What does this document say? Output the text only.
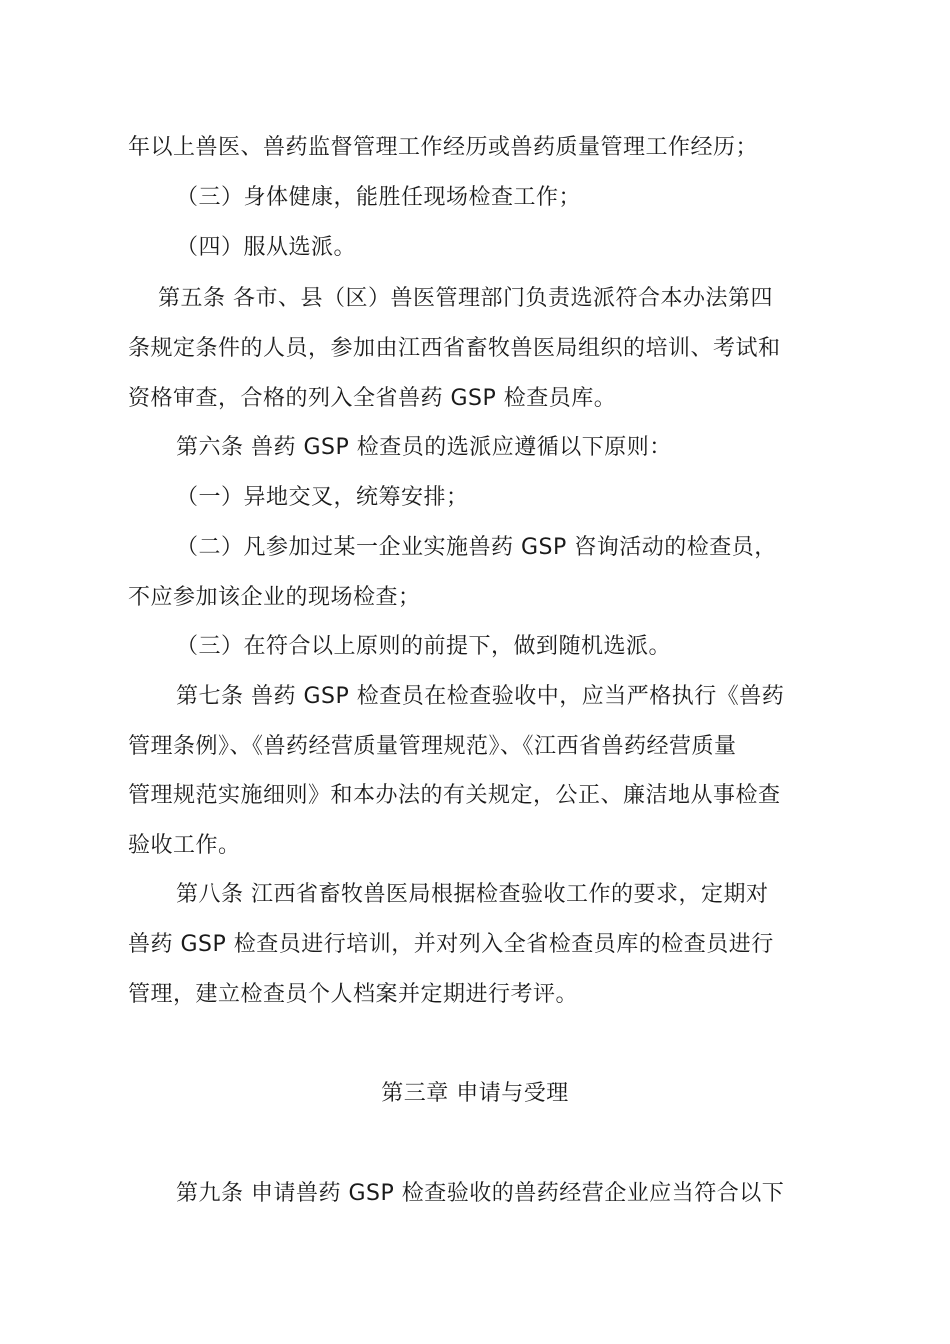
年以上兽医、兽药监督管理工作经历或兽药质量管理工作经历；
（三）身体健康，能胜任现场检查工作；
（四）服从选派。
第五条 各市、县（区）兽医管理部门负责选派符合本办法第四
条规定条件的人员，参加由江西省畜牧兽医局组织的培训、考试和
资格审查，合格的列入全省兽药 GSP 检查员库。
第六条 兽药 GSP 检查员的选派应遵循以下原则：
（一）异地交叉，统筹安排；
（二）凡参加过某一企业实施兽药 GSP 咨询活动的检查员，
不应参加该企业的现场检查；
（三）在符合以上原则的前提下，做到随机选派。
第七条 兽药 GSP 检查员在检查验收中，应当严格执行《兽药
管理条例》、《兽药经营质量管理规范》、《江西省兽药经营质量
管理规范实施细则》和本办法的有关规定，公正、廉洁地从事检查
验收工作。
第八条 江西省畜牧兽医局根据检查验收工作的要求，定期对
兽药 GSP 检查员进行培训，并对列入全省检查员库的检查员进行
管理，建立检查员个人档案并定期进行考评。
第三章 申请与受理
第九条 申请兽药 GSP 检查验收的兽药经营企业应当符合以下
